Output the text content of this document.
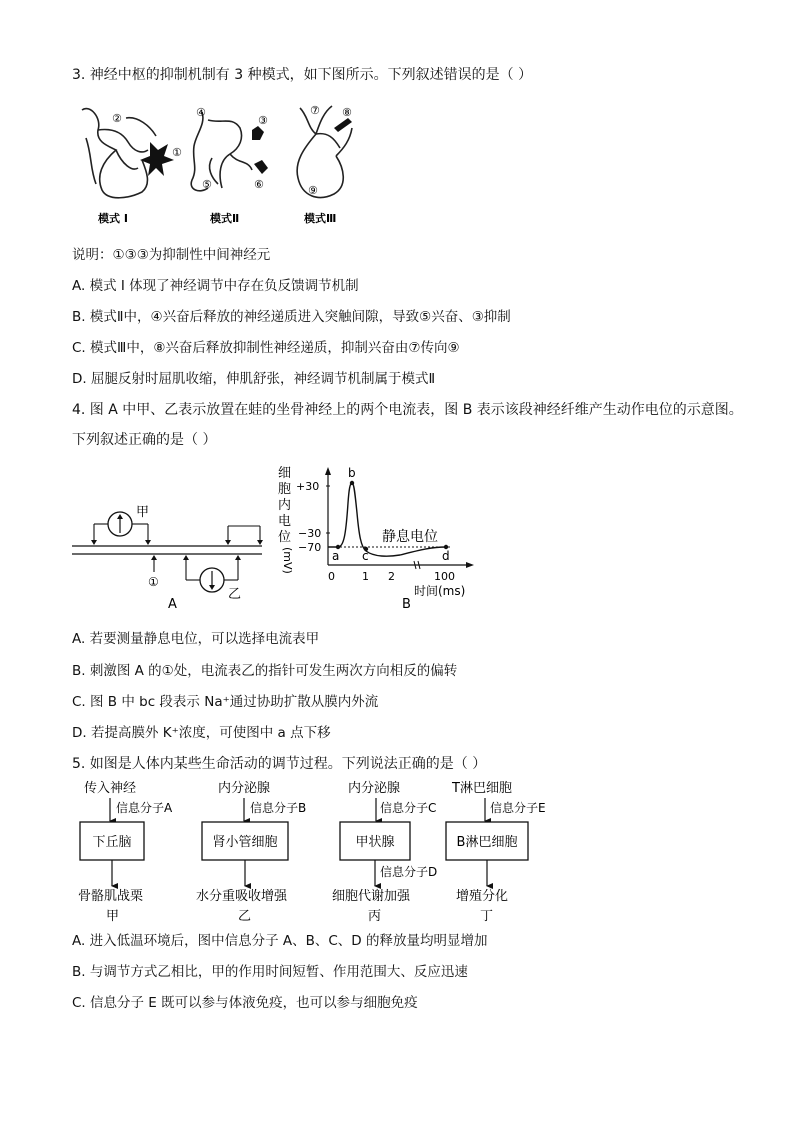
3. 神经中枢的抑制机制有 3 种模式，如下图所示。下列叙述错误的是（ ）
②
①
模式 I
④
③
⑤	⑥
模式Ⅱ
⑧
⑦
⑨
模式Ⅲ
说明：①③③为抑制性中间神经元
A. 模式 I 体现了神经调节中存在负反馈调节机制
B. 模式Ⅱ中，④兴奋后释放的神经递质进入突触间隙，导致⑤兴奋、③抑制
C. 模式Ⅲ中，⑧兴奋后释放抑制性神经递质，抑制兴奋由⑦传向⑨
D. 屈腿反射时屈肌收缩，伸肌舒张，神经调节机制属于模式Ⅱ
4. 图 A 中甲、乙表示放置在蛙的坐骨神经上的两个电流表，图 B 表示该段神经纤维产生动作电位的示意图。
下列叙述正确的是（ ）
甲
①
乙
A
细
胞
内
电
位
(mV)
+30
−30
−70
a
b
c	d
静息电位
0 1 2	100
时间(ms)
B
A. 若要测量静息电位，可以选择电流表甲
B. 刺激图 A 的①处，电流表乙的指针可发生两次方向相反的偏转
C. 图 B 中 bc 段表示 Na⁺通过协助扩散从膜内外流
D. 若提高膜外 K⁺浓度，可使图中 a 点下移
5. 如图是人体内某些生命活动的调节过程。下列说法正确的是（ ）
传入神经
信息分子A
下丘脑
骨骼肌战栗
甲
内分泌腺
信息分子B
肾小管细胞
水分重吸收增强
乙
内分泌腺
信息分子C
甲状腺
信息分子D
细胞代谢加强
丙
T淋巴细胞
信息分子E
B淋巴细胞
增殖分化
丁
A. 进入低温环境后，图中信息分子 A、B、C、D 的释放量均明显增加
B. 与调节方式乙相比，甲的作用时间短暂、作用范围大、反应迅速
C. 信息分子 E 既可以参与体液免疫，也可以参与细胞免疫
